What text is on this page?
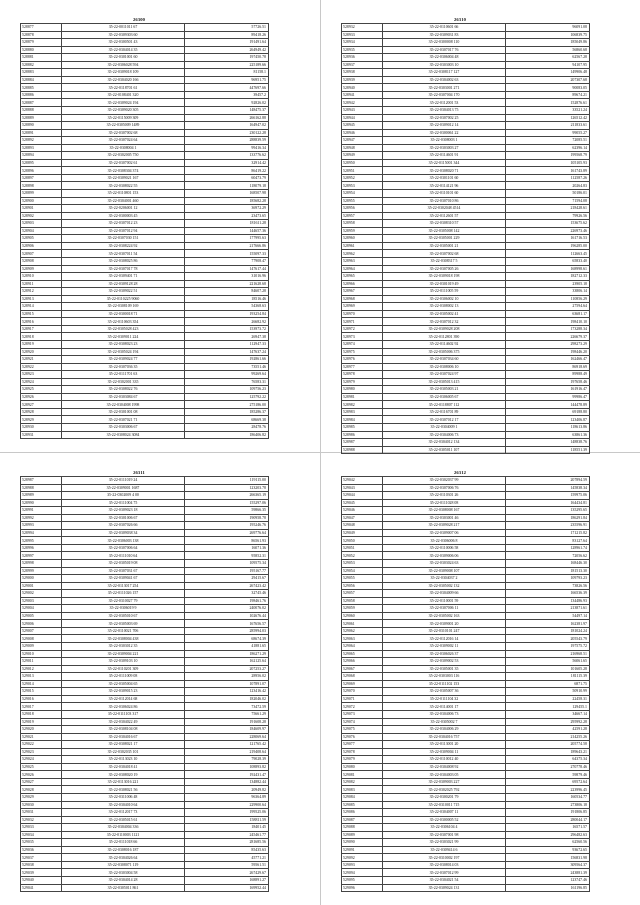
26300
528877	35-22-0011011 67	57726.51
528878	35-22-0309303 60	89418.26
528879	35-22-0300501 43	191491.64
528880	35-22-0304014 35	264949.42
528881	35-22-0301001 60	197450.78
528882	35-22-0306028 594	225189.66
528883	35-22-0309018 109	81158.1
528884	35-22-0304020 166	96951.75
528885	35-22-0118701 61	447697.66
528886	35-22-0108401 320	39457.2
528887	35-22-0309024 194	92826.02
528888	35-22-0309020 305	148475.37
528889	35-22-0115009 309	266162.88
528890	35-22-0305009 1489	164947.02
528891	35-22-0307002 68	230122.28
528892	35-22-0307024 64	288839.59
528893	35-22-0308004 1	99416.34
528894	35-22-0302005 750	133776.62
528895	35-22-0307002 61	32914.42
528896	35-22-0308304 374	86419.22
528897	35-22-0309021 167	60473.79
528898	35-22-0308022 55	118079.18
528899	35-22-0110801 153	168507.98
528900	35-22-0304001 460	185682.28
528901	35-22-0206001 12	36972.29
528902	35-22-0300003 45	23473.65
528903	35-22-0307012 23	181611.28
528904	35-22-0307012 94	144657.36
528905	35-22-0307030 151	177995.63
528906	35-22-0308224 92	217666.86
528907	35-22-0307011 54	155097.33
528908	35-22-0308025 86	77908.47
528909	35-22-0307017 78	147617.44
528910	35-22-0309401 71	31016.96
528911	35-22-0309128 28	221628.68
528912	35-22-0309022 51	84607.28
528913	35-22-0110225 9060	18516.46
528914	35-22-0308109 169	54368.63
528915	35-22-0300018 71	193254.84
528916	35-22-0110603 354	26682.92
528917	35-22-0305028 423	153973.72
528918	35-22-0309011 224	26947.38
528919	35-22-0308023 23	112947.33
528920	35-22-0305024 194	147637.24
528921	35-22-0309024 77	192861.66
528922	35-22-0307036 35	73551.46
528923	35-22-0111701 63	99269.64
528924	35-22-0302001 335	76583.31
528925	35-22-0308022 76	109756.23
528926	35-22-0303084 67	125792.22
528927	35-22-0304008 1998	275186.00
528928	35-22-0301001 08	185286.37
528929	35-22-0307021 71	68669.38
528930	35-22-0303006 67	28478.76
528931	35-22-0308024 3084	186406.82
26310
528932	35-22-0110601 66	96091.08
528933	35-22-0309031 83	106839.75
528934	35-22-0300008 110	185049.86
528935	35-22-0307017 76	56860.68
528936	35-22-0306004 48	62567.28
528937	35-22-0303003 10	94107.95
528938	35-22-0308117 127	149906.48
528939	35-22-0304002 63	207307.68
528940	35-22-0303001 271	90083.05
528941	35-22-0307004 170	89674.21
528942	35-22-0112001 53	152876.61
528943	35-22-0304013 75	33521.24
528944	35-22-0307002 25	126512.42
528945	35-22-0309012 14	211833.61
528946	35-22-0300061 22	99055.27
528947	35-22-0308003 1	72085.51
528948	35-22-0303003 27	62396.14
528949	35-22-0114601 91	199568.79
528950	35-22-0115001 344	105105.93
528951	35-22-0308020 71	161743.89
528952	35-22-0301101 60	112587.26
528953	35-22-0114121 96	20264.83
528954	35-22-0110101 60	50186.01
528955	35-22-0307010 86	71594.08
528956	35-22-0302048 4514	218428.61
528957	35-22-0112601 57	79926.56
528958	35-22-0308310 57	153675.62
528959	35-22-0305008 142	226973.46
528960	35-22-0305001 229	161716.53
528961	35-22-0305001 21	196285.00
528962	35-22-0307002 68	112663.45
528963	35-22-0308317 5	65833.40
528964	35-22-0307005 26	168998.61
528965	35-22-0309018 198	182712.33
528966	35-22-0301019 49	23905.18
528967	35-22-0111005 59	33806.14
528968	35-22-0306002 10	110856.29
528969	35-22-0308002 13	27594.64
528970	35-22-0305002 41	63681.17
528971	35-22-0307012 32	198410.10
528972	35-22-0309028 208	173288.34
528973	35-22-0112801 390	226679.37
528974	35-22-0114602 92	298273.29
528975	35-22-0305006 375	198446.20
528976	35-22-0307034 60	162466.47
528977	35-22-0308006 10	86918.69
528978	35-22-0307024 97	89988.49
528979	35-22-0305013 415	197658.46
528980	35-22-0305003 21	161916.47
528981	35-22-0306005 67	99986.47
528982	35-22-0118807 112	144478.89
528983	35-22-0116701 89	69188.80
528984	35-22-0307012 17	123406.87
528985	35-22-0304009 1	118613.86
528986	35-22-0304006 73	63861.36
528987	35-22-0304012 134	148838.76
528988	35-22-0305011 107	118551.39
26311
528987	35-22-0111019 24	119115.00
528988	35-22-0309001 1687	123203.78
528989	35-22-0302009 4 00	266365.19
528990	35-22-0111004 75	155297.06
528991	35-22-0309023 18	59866.35
528992	35-22-0301006 67	190958.78
528993	35-22-0307026 66	195246.76
528994	35-22-0309038 34	269776.64
528995	35-22-0306003 138	86561.93
528996	35-22-0307006 64	16071.36
528997	35-22-0111010 64	95852.31
528998	35-22-0305019 08	109575.34
528999	35-22-0307031 67	195167.77
529000	35-22-0309041 67	29415.67
529001	35-22-0113017 254	267423.42
529002	35-22-0111026 157	32745.46
529003	35-22-0310027 79	198461.76
529004	35-22-0306019 9	240076.02
529005	35-22-0305010 67	102676.44
529006	35-22-0305003 69	167656.57
529007	35-22-0110021 706	285994.03
529008	35-22-0308004 438	68674.39
529009	35-22-0303012 35	41881.65
529010	35-22-0309004 221	186271.29
529011	35-22-0309103 10	162125.64
529012	35-22-0110201 309	207253.27
529013	35-22-0111009 08	28956.02
529014	35-22-0305004 65	107891.07
529015	35-22-0309015 23	123416.42
529016	35-22-0112014 68	182046.02
529017	35-22-0306024 86	73472.59
529018	35-22-0111103 317	75661.29
529019	35-22-0304022 49	191608.28
529020	35-22-0308104 08	184609.97
529021	35-22-0304016 67	228069.64
529022	35-22-0308021 17	121765.42
529023	35-22-0302035 101	219408.64
529024	35-22-0113023 10	79028.39
529025	35-22-0304018 41	108893.82
529026	35-22-0308020 19	192431.47
529027	35-22-0113016 221	134882.44
529028	35-22-0308021 56	20949.82
529029	35-22-0311006 48	96364.89
529030	35-22-0304010 64	229900.64
529031	35-22-0112017 73	199525.06
529032	35-22-0305015 61	158811.59
529033	35-22-0304004 336	18401.45
529034	35-22-0110003 1121	245461.77
529035	35-22-0111018 66	281685.56
529036	35-22-0308016 187	85435.63
529037	35-22-0304026 64	45771.21
529038	35-22-0308071 119	59561.51
529039	35-22-0303004 58	267429.67
529040	35-22-0304014 28	168891.27
529041	35-22-0305011 861	169952.44
26312
529042	35-22-0302037 99	207894.59
529043	35-22-0307006 76	145838.34
529044	35-22-0110301 26	159975.06
529045	35-22-0111028 08	164434.81
529046	35-22-0308008 167	135295.65
529047	35-22-0303001 46	186291.84
529048	35-22-0309028 217	235596.91
529049	35-22-0309007 06	171215.82
529050	35-22-0306006 8	83127.64
529051	35-22-0110006 58	128961.74
529052	35-22-0309006 06	72056.62
529053	35-22-0303024 63	168446.30
529054	35-22-0309008 107	181513.30
529055	35-22-0304037 2	109793.23
529056	35-22-0305002 132	73826.56
529057	35-22-0304009 66	166536.39
529058	35-22-0110001 59	134486.93
529059	35-22-0307006 11	213871.61
529060	35-22-0305002 163	54497.14
529061	35-22-0309001 20	162381.97
529062	35-22-0310101 247	181024.24
529063	35-22-0112016 14	205543.79
529064	35-22-0309002 11	197575.72
529065	35-22-0306026 37	216968.51
529066	35-22-0309002 53	56061.65
529067	35-22-0305001 35	101605.28
529068	35-22-0303003 116	181115.39
529069	35-22-0111102 153	6871.75
529070	35-22-0305007 36	50910.99
529071	35-22-0111104 32	22458.31
529072	35-22-0114001 17	129455.1
529073	35-22-0304006 73	34667.14
529074	35-22-0305002 7	295992.28
529075	35-22-0304006 29	42591.28
529076	35-22-0304016 757	214255.26
529077	35-22-0113001 20	205774.58
529078	35-22-0309004 11	189643.21
529079	35-22-0110012 40	64375.34
529080	35-22-0304008 92	270778.46
529081	35-22-0304003 05	59879.46
529082	35-22-0309003 227	69572.64
529083	35-22-0302025 792	223996.45
529084	35-22-0300201 79	160534.77
529085	35-22-0310011 715	273806.18
529086	35-22-0304007 11	191806.85
529087	35-22-0300005 52	280044.17
529088	35-22-0306104 4	16571.57
529089	35-22-0307001 98	296482.63
529090	35-22-0303021 99	62560.56
529091	35-22-0309414 6	93672.65
529092	35-22-0310002 197	156831.98
529093	35-22-0308014 03	309564.37
529094	35-22-0307012 99	243881.39
529095	35-22-0304021 54	123747.46
529096	35-22-0309024 131	161196.85
